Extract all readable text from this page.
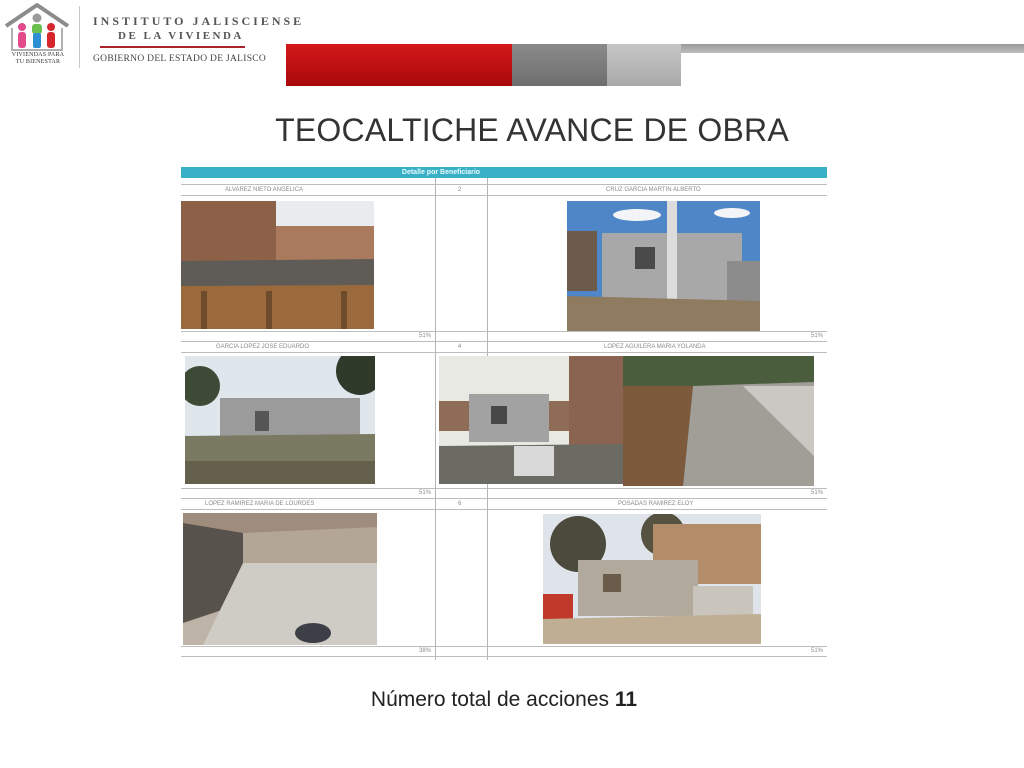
VIVIENDAS PARA
TU BIENESTAR
INSTITUTO JALISCIENSE
DE LA VIVIENDA
GOBIERNO DEL ESTADO DE JALISCO
TEOCALTICHE AVANCE DE OBRA
Detalle por Beneficiario
ALVAREZ NIETO ANGELICA	2	CRUZ GARCIA MARTIN ALBERTO
51%	51%
GARCIA LOPEZ JOSE EDUARDO	4	LOPEZ AGUILERA MARIA YOLANDA
51%	51%
LOPEZ RAMIREZ MARIA DE LOURDES	6	POSADAS RAMIREZ ELOY
38%	51%
Número total de acciones 11
